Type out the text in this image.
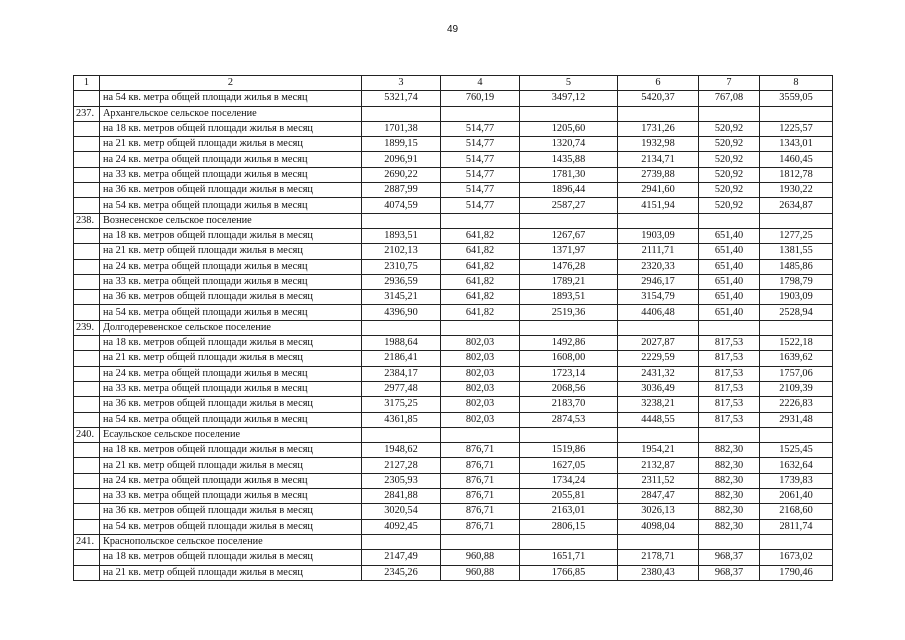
49
1	2	3	4	5	6	7	8
	на 54 кв. метра общей площади жилья в месяц	5321,74	760,19	3497,12	5420,37	767,08	3559,05
237.	Архангельское сельское поселение						
	на 18 кв. метров общей площади жилья в месяц	1701,38	514,77	1205,60	1731,26	520,92	1225,57
	на 21 кв. метр общей площади жилья в месяц	1899,15	514,77	1320,74	1932,98	520,92	1343,01
	на 24 кв. метра общей площади жилья в месяц	2096,91	514,77	1435,88	2134,71	520,92	1460,45
	на 33 кв. метра общей площади жилья в месяц	2690,22	514,77	1781,30	2739,88	520,92	1812,78
	на 36 кв. метров общей площади жилья в месяц	2887,99	514,77	1896,44	2941,60	520,92	1930,22
	на 54 кв. метра общей площади жилья в месяц	4074,59	514,77	2587,27	4151,94	520,92	2634,87
238.	Вознесенское сельское поселение						
	на 18 кв. метров общей площади жилья в месяц	1893,51	641,82	1267,67	1903,09	651,40	1277,25
	на 21 кв. метр общей площади жилья в месяц	2102,13	641,82	1371,97	2111,71	651,40	1381,55
	на 24 кв. метра общей площади жилья в месяц	2310,75	641,82	1476,28	2320,33	651,40	1485,86
	на 33 кв. метра общей площади жилья в месяц	2936,59	641,82	1789,21	2946,17	651,40	1798,79
	на 36 кв. метров общей площади жилья в месяц	3145,21	641,82	1893,51	3154,79	651,40	1903,09
	на 54 кв. метра общей площади жилья в месяц	4396,90	641,82	2519,36	4406,48	651,40	2528,94
239.	Долгодеревенское сельское поселение						
	на 18 кв. метров общей площади жилья в месяц	1988,64	802,03	1492,86	2027,87	817,53	1522,18
	на 21 кв. метр общей площади жилья в месяц	2186,41	802,03	1608,00	2229,59	817,53	1639,62
	на 24 кв. метра общей площади жилья в месяц	2384,17	802,03	1723,14	2431,32	817,53	1757,06
	на 33 кв. метра общей площади жилья в месяц	2977,48	802,03	2068,56	3036,49	817,53	2109,39
	на 36 кв. метров общей площади жилья в месяц	3175,25	802,03	2183,70	3238,21	817,53	2226,83
	на 54 кв. метра общей площади жилья в месяц	4361,85	802,03	2874,53	4448,55	817,53	2931,48
240.	Есаульское сельское поселение						
	на 18 кв. метров общей площади жилья в месяц	1948,62	876,71	1519,86	1954,21	882,30	1525,45
	на 21 кв. метр общей площади жилья в месяц	2127,28	876,71	1627,05	2132,87	882,30	1632,64
	на 24 кв. метра общей площади жилья в месяц	2305,93	876,71	1734,24	2311,52	882,30	1739,83
	на 33 кв. метра общей площади жилья в месяц	2841,88	876,71	2055,81	2847,47	882,30	2061,40
	на 36 кв. метров общей площади жилья в месяц	3020,54	876,71	2163,01	3026,13	882,30	2168,60
	на 54 кв. метров общей площади жилья в месяц	4092,45	876,71	2806,15	4098,04	882,30	2811,74
241.	Краснопольское сельское поселение						
	на 18 кв. метров общей площади жилья в месяц	2147,49	960,88	1651,71	2178,71	968,37	1673,02
	на 21 кв. метр общей площади жилья в месяц	2345,26	960,88	1766,85	2380,43	968,37	1790,46
